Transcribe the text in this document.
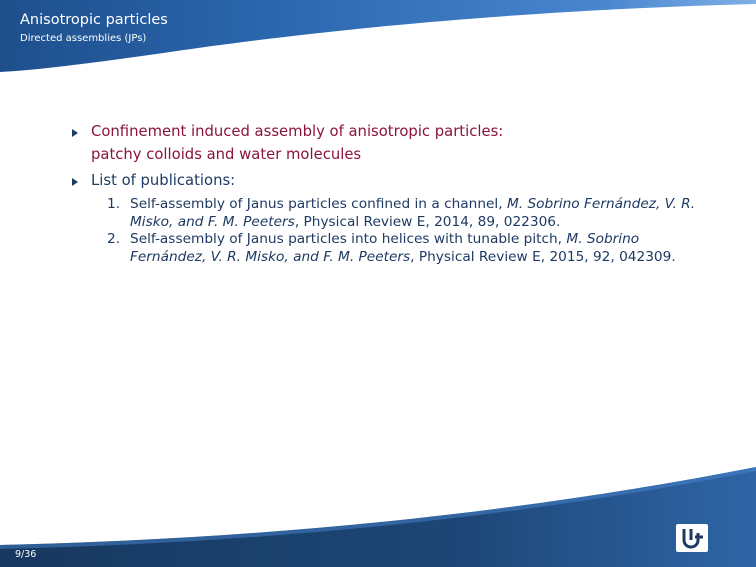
Anisotropic particles

Directed assemblies (JPs)

Confinement induced assembly of anisotropic particles:
patchy colloids and water molecules
List of publications:
1. Self-assembly of Janus particles confined in a channel, M. Sobrino Fernández, V. R. Misko, and F. M. Peeters, Physical Review E, 2014, 89, 022306.
2. Self-assembly of Janus particles into helices with tunable pitch, M. Sobrino Fernández, V. R. Misko, and F. M. Peeters, Physical Review E, 2015, 92, 042309.
9/36
